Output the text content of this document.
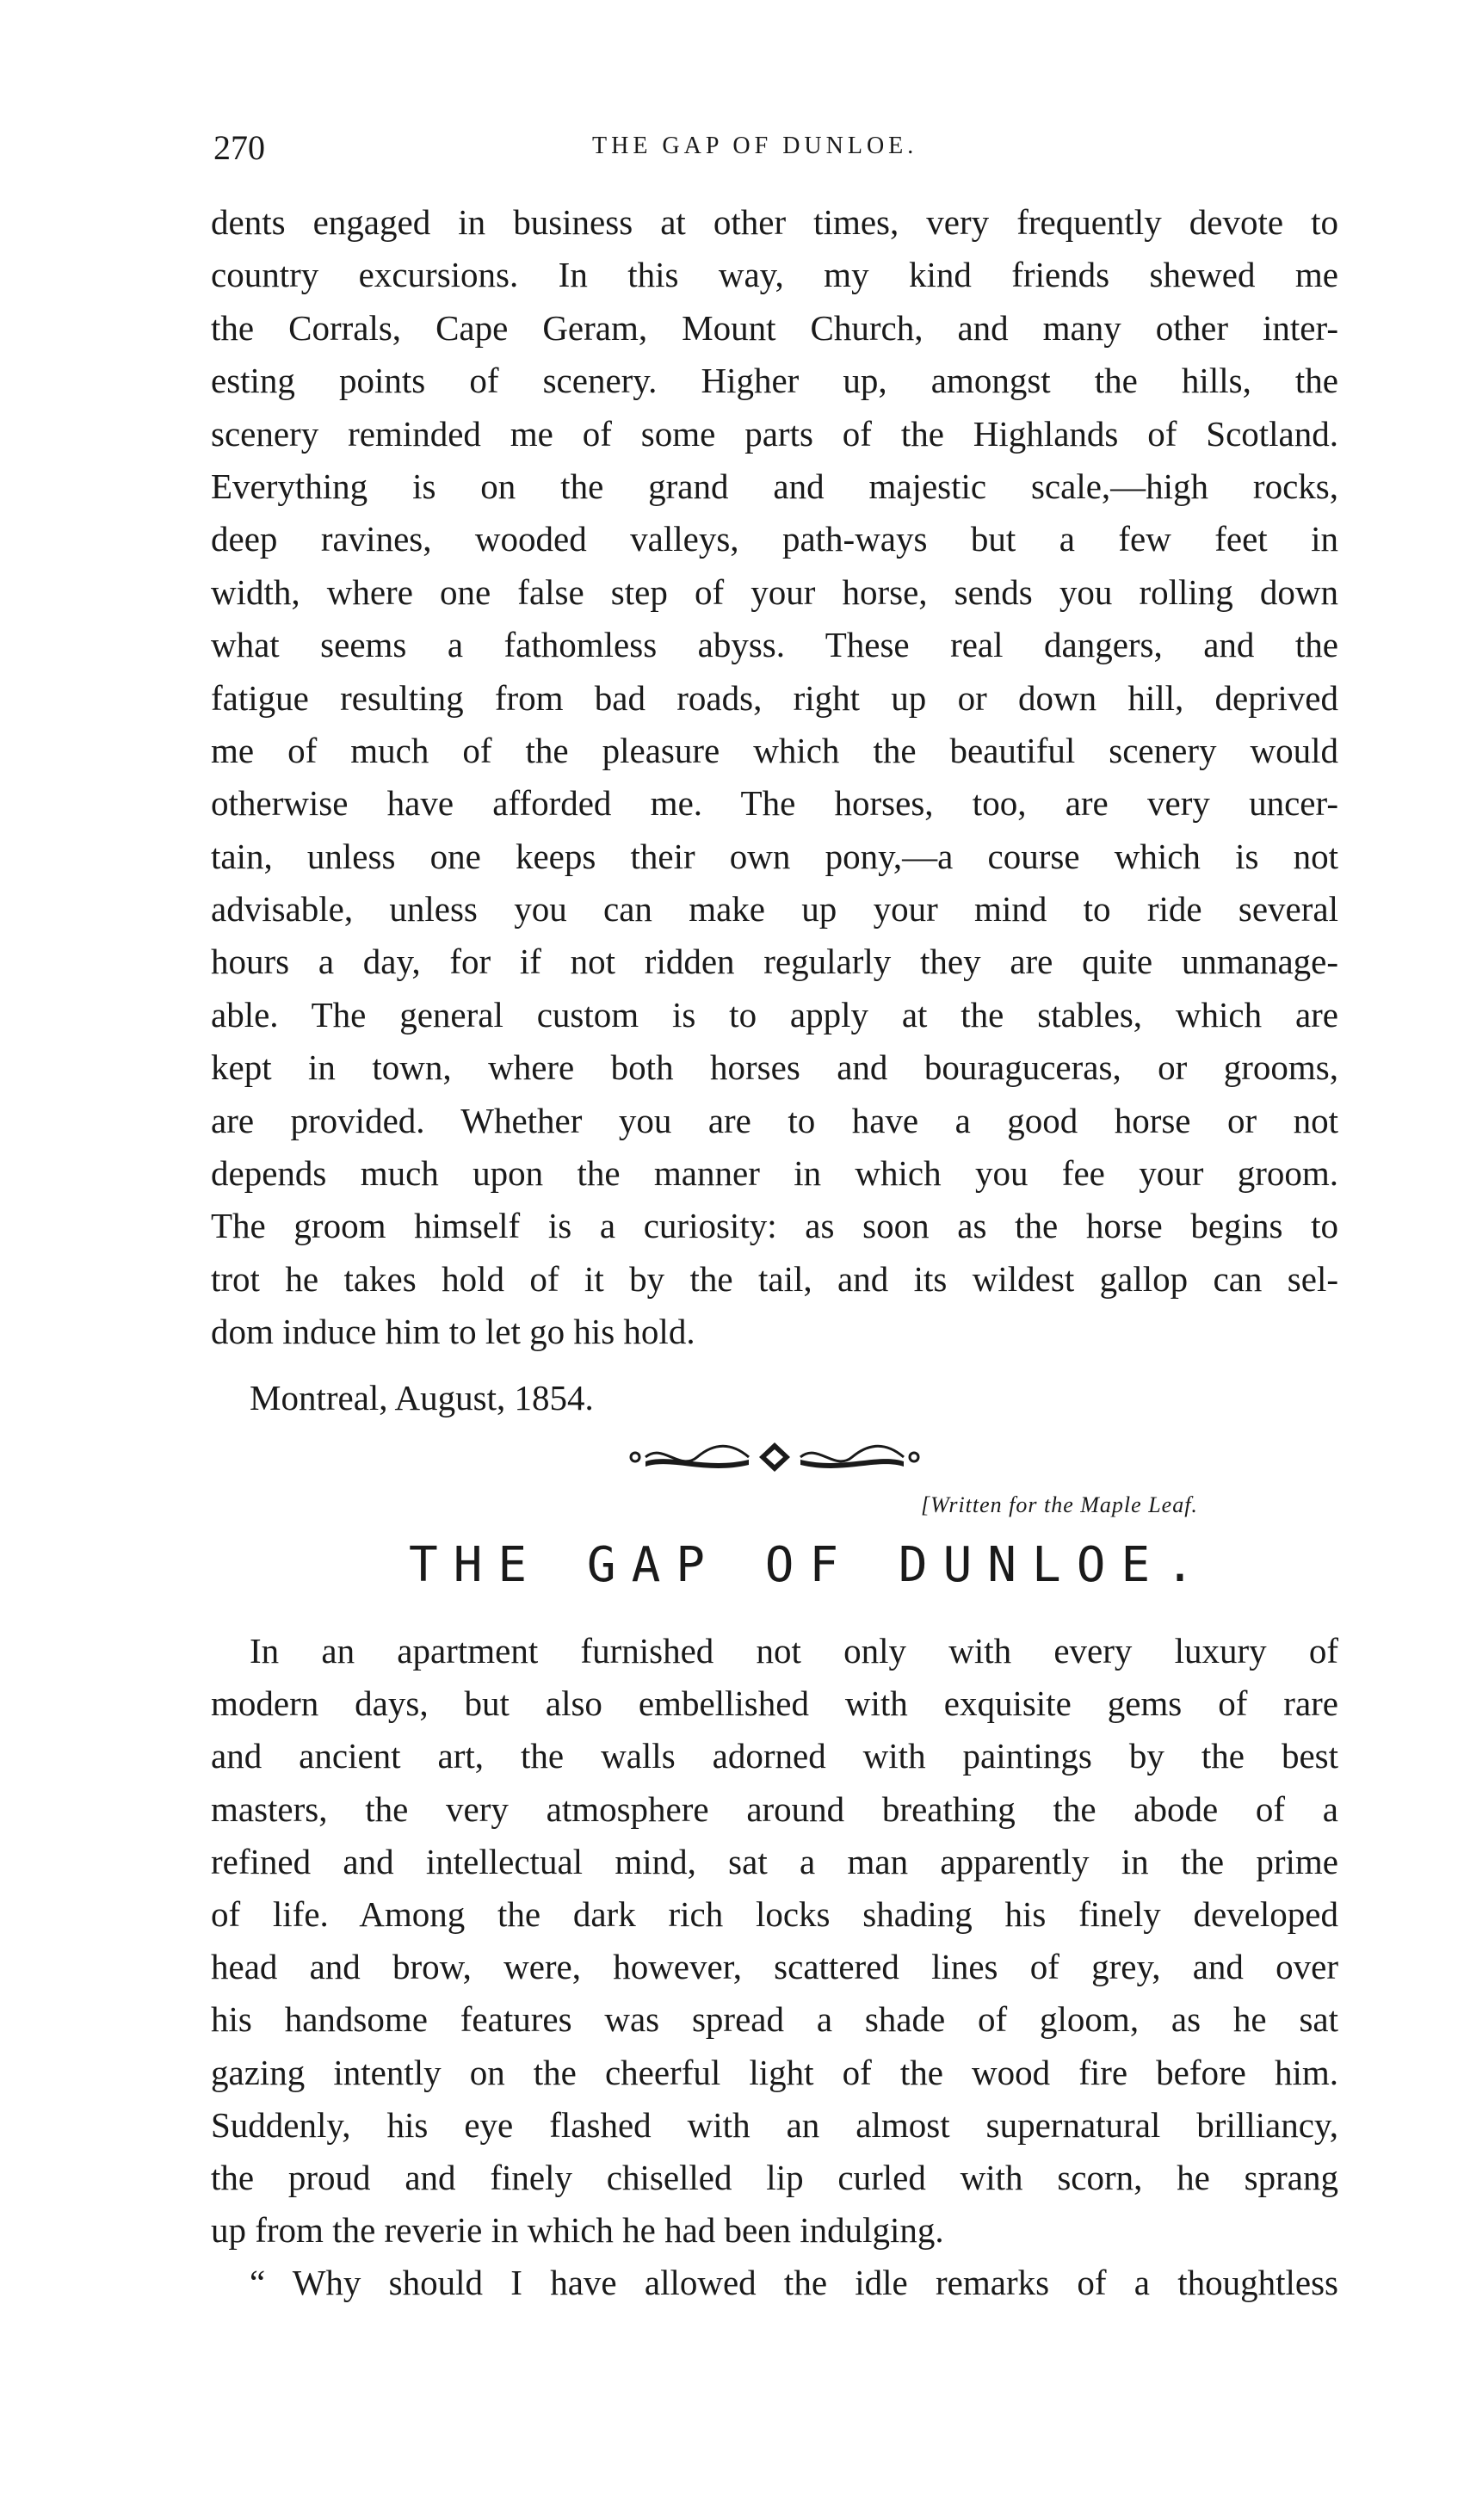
270	THE GAP OF DUNLOE.
dents engaged in business at other times, very frequently devote to
country excursions. In this way, my kind friends shewed me
the Corrals, Cape Geram, Mount Church, and many other inter-
esting points of scenery. Higher up, amongst the hills, the
scenery reminded me of some parts of the Highlands of Scotland.
Everything is on the grand and majestic scale,—high rocks,
deep ravines, wooded valleys, path-ways but a few feet in
width, where one false step of your horse, sends you rolling down
what seems a fathomless abyss. These real dangers, and the
fatigue resulting from bad roads, right up or down hill, deprived
me of much of the pleasure which the beautiful scenery would
otherwise have afforded me. The horses, too, are very uncer-
tain, unless one keeps their own pony,—a course which is not
advisable, unless you can make up your mind to ride several
hours a day, for if not ridden regularly they are quite unmanage-
able. The general custom is to apply at the stables, which are
kept in town, where both horses and bouraguceras, or grooms,
are provided. Whether you are to have a good horse or not
depends much upon the manner in which you fee your groom.
The groom himself is a curiosity: as soon as the horse begins to
trot he takes hold of it by the tail, and its wildest gallop can sel-
dom induce him to let go his hold.
Montreal, August, 1854.
[Written for the Maple Leaf.
THE GAP OF DUNLOE.
In an apartment furnished not only with every luxury of
modern days, but also embellished with exquisite gems of rare
and ancient art, the walls adorned with paintings by the best
masters, the very atmosphere around breathing the abode of a
refined and intellectual mind, sat a man apparently in the prime
of life. Among the dark rich locks shading his finely developed
head and brow, were, however, scattered lines of grey, and over
his handsome features was spread a shade of gloom, as he sat
gazing intently on the cheerful light of the wood fire before him.
Suddenly, his eye flashed with an almost supernatural brilliancy,
the proud and finely chiselled lip curled with scorn, he sprang
up from the reverie in which he had been indulging.
“ Why should I have allowed the idle remarks of a thoughtless
